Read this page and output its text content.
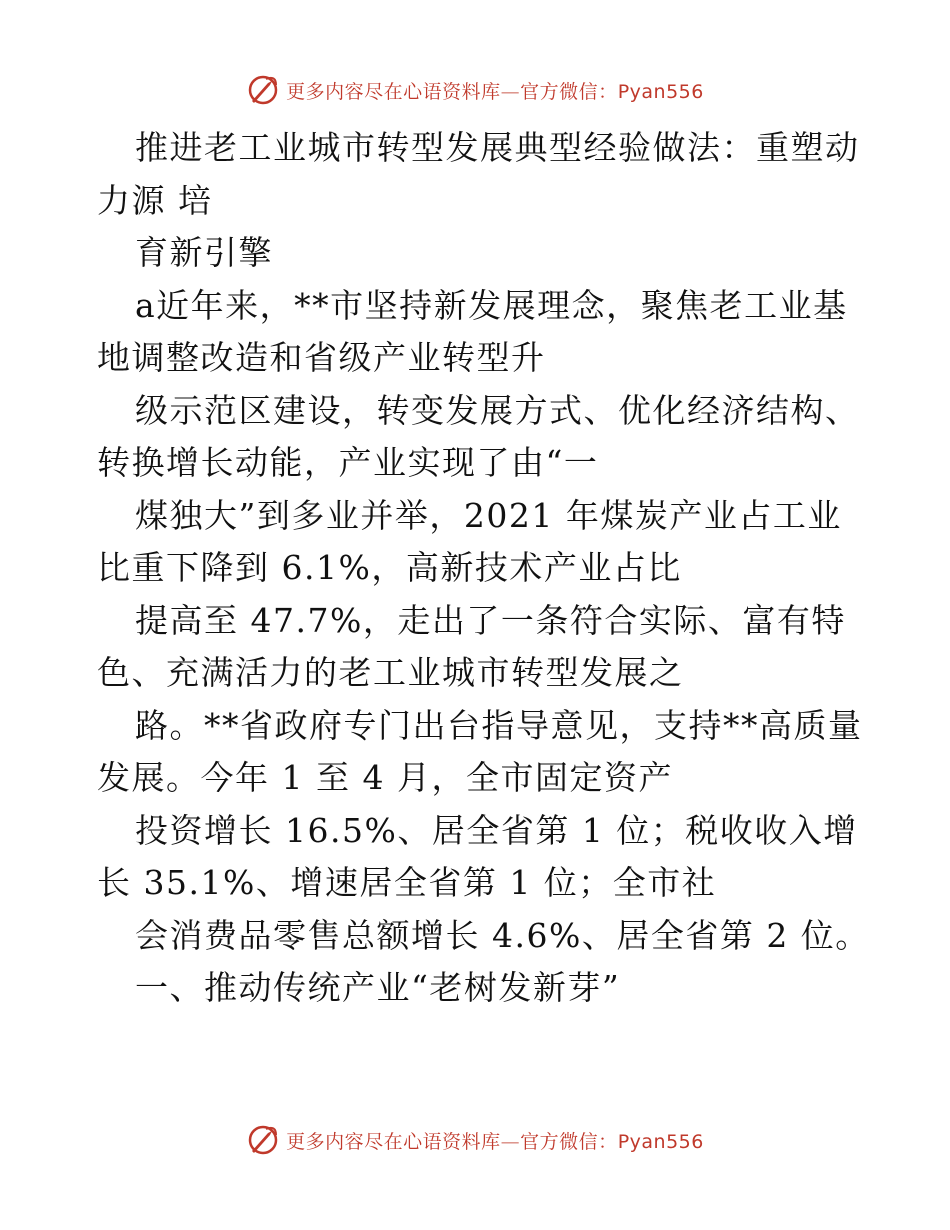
更多内容尽在心语资料库—官方微信：Pyan556
推进老工业城市转型发展典型经验做法：重塑动
力源 培
育新引擎
a近年来，**市坚持新发展理念，聚焦老工业基
地调整改造和省级产业转型升
级示范区建设，转变发展方式、优化经济结构、
转换增长动能，产业实现了由“一
煤独大”到多业并举，2021 年煤炭产业占工业
比重下降到 6.1%，高新技术产业占比
提高至 47.7%，走出了一条符合实际、富有特
色、充满活力的老工业城市转型发展之
路。**省政府专门出台指导意见，支持**高质量
发展。今年 1 至 4 月，全市固定资产
投资增长 16.5%、居全省第 1 位；税收收入增
长 35.1%、增速居全省第 1 位；全市社
会消费品零售总额增长 4.6%、居全省第 2 位。
一、推动传统产业“老树发新芽”
更多内容尽在心语资料库—官方微信：Pyan556
